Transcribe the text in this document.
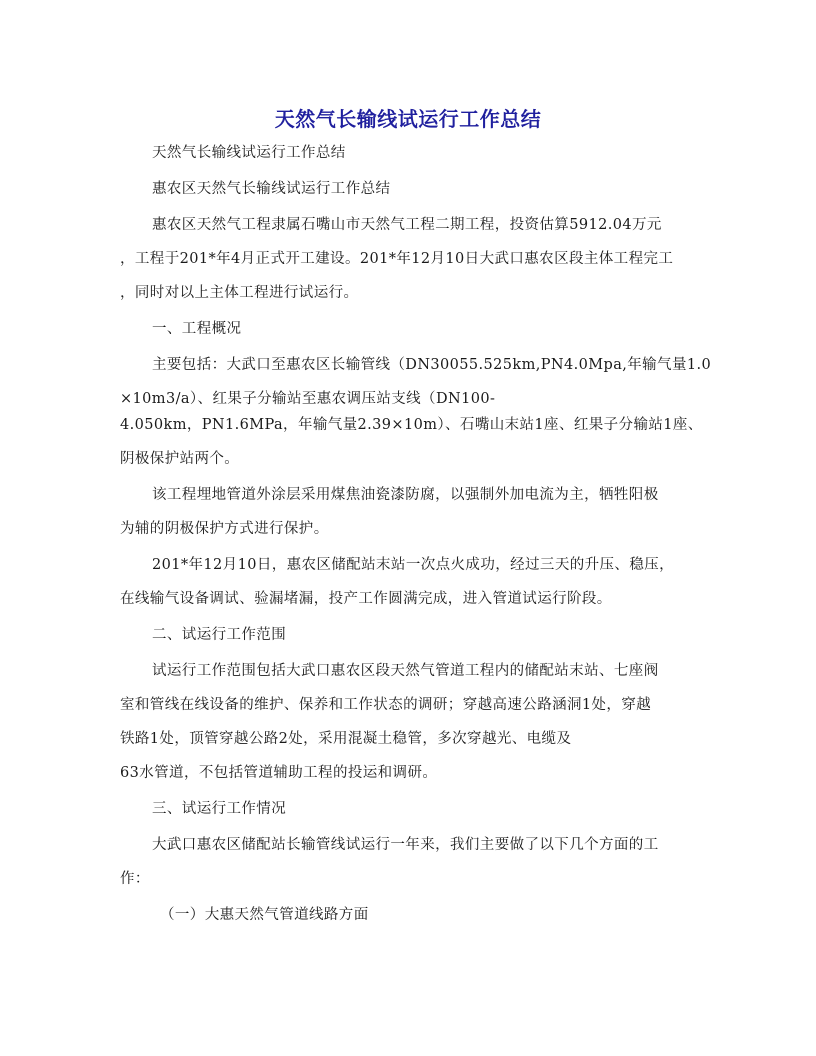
天然气长输线试运行工作总结

天然气长输线试运行工作总结

惠农区天然气长输线试运行工作总结

惠农区天然气工程隶属石嘴山市天然气工程二期工程，投资估算5912.04万元

，工程于201*年4月正式开工建设。201*年12月10日大武口惠农区段主体工程完工

，同时对以上主体工程进行试运行。

一、工程概况

主要包括：大武口至惠农区长输管线（DN30055.525km,PN4.0Mpa,年输气量1.0

×10m3/a）、红果子分输站至惠农调压站支线（DN100-

4.050km，PN1.6MPa，年输气量2.39×10m）、石嘴山末站1座、红果子分输站1座、

阴极保护站两个。

该工程埋地管道外涂层采用煤焦油瓷漆防腐，以强制外加电流为主，牺牲阳极

为辅的阴极保护方式进行保护。

201*年12月10日，惠农区储配站末站一次点火成功，经过三天的升压、稳压，

在线输气设备调试、验漏堵漏，投产工作圆满完成，进入管道试运行阶段。

二、试运行工作范围

试运行工作范围包括大武口惠农区段天然气管道工程内的储配站末站、七座阀

室和管线在线设备的维护、保养和工作状态的调研；穿越高速公路涵洞1处，穿越

铁路1处，顶管穿越公路2处，采用混凝土稳管，多次穿越光、电缆及

63水管道，不包括管道辅助工程的投运和调研。

三、试运行工作情况

大武口惠农区储配站长输管线试运行一年来，我们主要做了以下几个方面的工

作：

（一）大惠天然气管道线路方面
